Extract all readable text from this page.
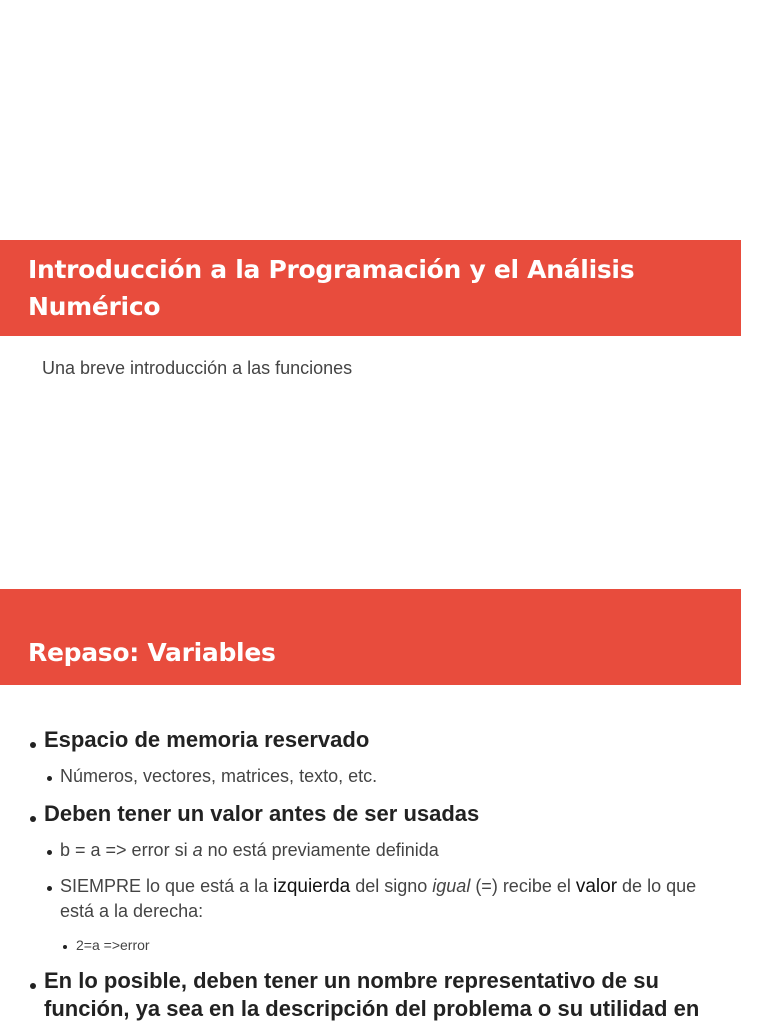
Introducción a la Programación y el Análisis Numérico

Una breve introducción a las funciones

Repaso: Variables
Espacio de memoria reservado
Números, vectores, matrices, texto, etc.
Deben tener un valor antes de ser usadas
b = a => error si a no está previamente definida
SIEMPRE lo que está a la izquierda del signo igual (=) recibe el valor de lo que está a la derecha:
2=a =>error
En lo posible, deben tener un nombre representativo de su función, ya sea en la descripción del problema o su utilidad en
